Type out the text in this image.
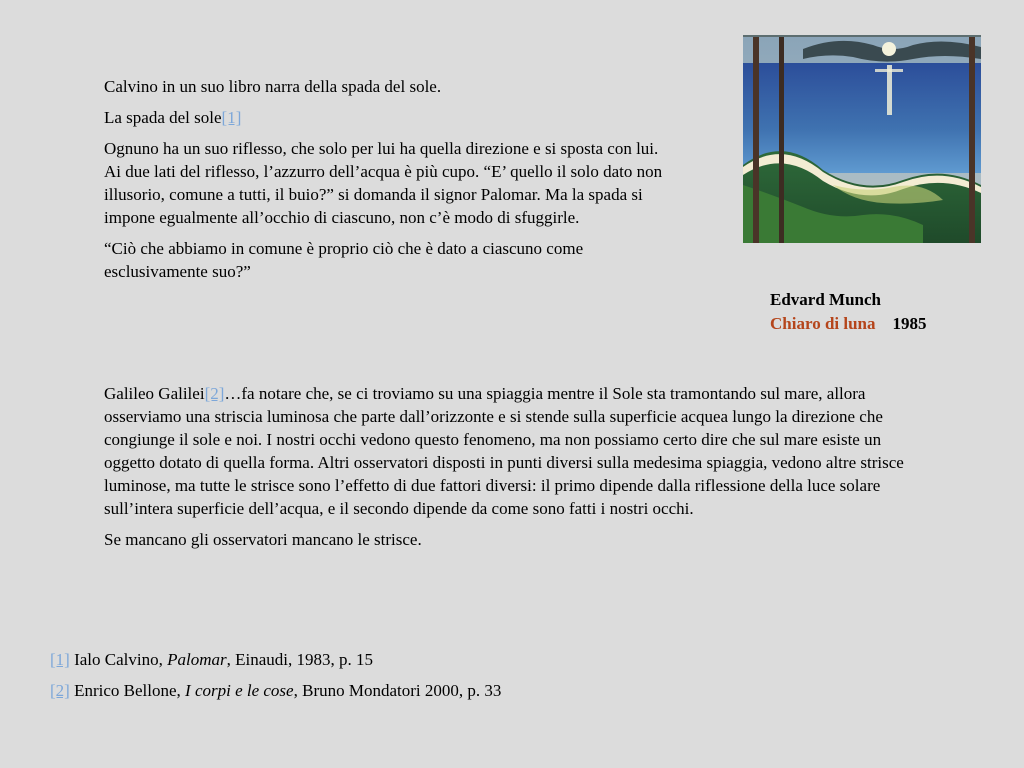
Calvino in un suo libro narra della spada del sole.

La spada del sole[1]

Ognuno ha un suo riflesso, che solo per lui ha quella direzione e si sposta con lui. Ai due lati del riflesso, l’azzurro dell’acqua è più cupo. “E’ quello il solo dato non illusorio, comune a tutti, il buio?” si domanda il signor Palomar. Ma la spada si impone egualmente all’occhio di ciascuno, non c’è modo di sfuggirle.

“Ciò che abbiamo in comune è proprio ciò che è dato a ciascuno come esclusivamente suo?”

Edvard Munch
Chiaro di luna 1985

Galileo Galilei[2]…fa notare che, se ci troviamo su una spiaggia mentre il Sole sta tramontando sul mare, allora osserviamo una striscia luminosa che parte dall’orizzonte e si stende sulla superficie acquea lungo la direzione che congiunge il sole e noi. I nostri occhi vedono questo fenomeno, ma non possiamo certo dire che sul mare esiste un oggetto dotato di quella forma. Altri osservatori disposti in punti diversi sulla medesima spiaggia, vedono altre strisce luminose, ma tutte le strisce sono l’effetto di due fattori diversi: il primo dipende dalla riflessione della luce solare sull’intera superficie dell’acqua, e il secondo dipende da come sono fatti i nostri occhi.

Se mancano gli osservatori mancano le strisce.

[1] Ialo Calvino, Palomar, Einaudi, 1983, p. 15

[2] Enrico Bellone, I corpi e le cose, Bruno Mondatori 2000, p. 33
